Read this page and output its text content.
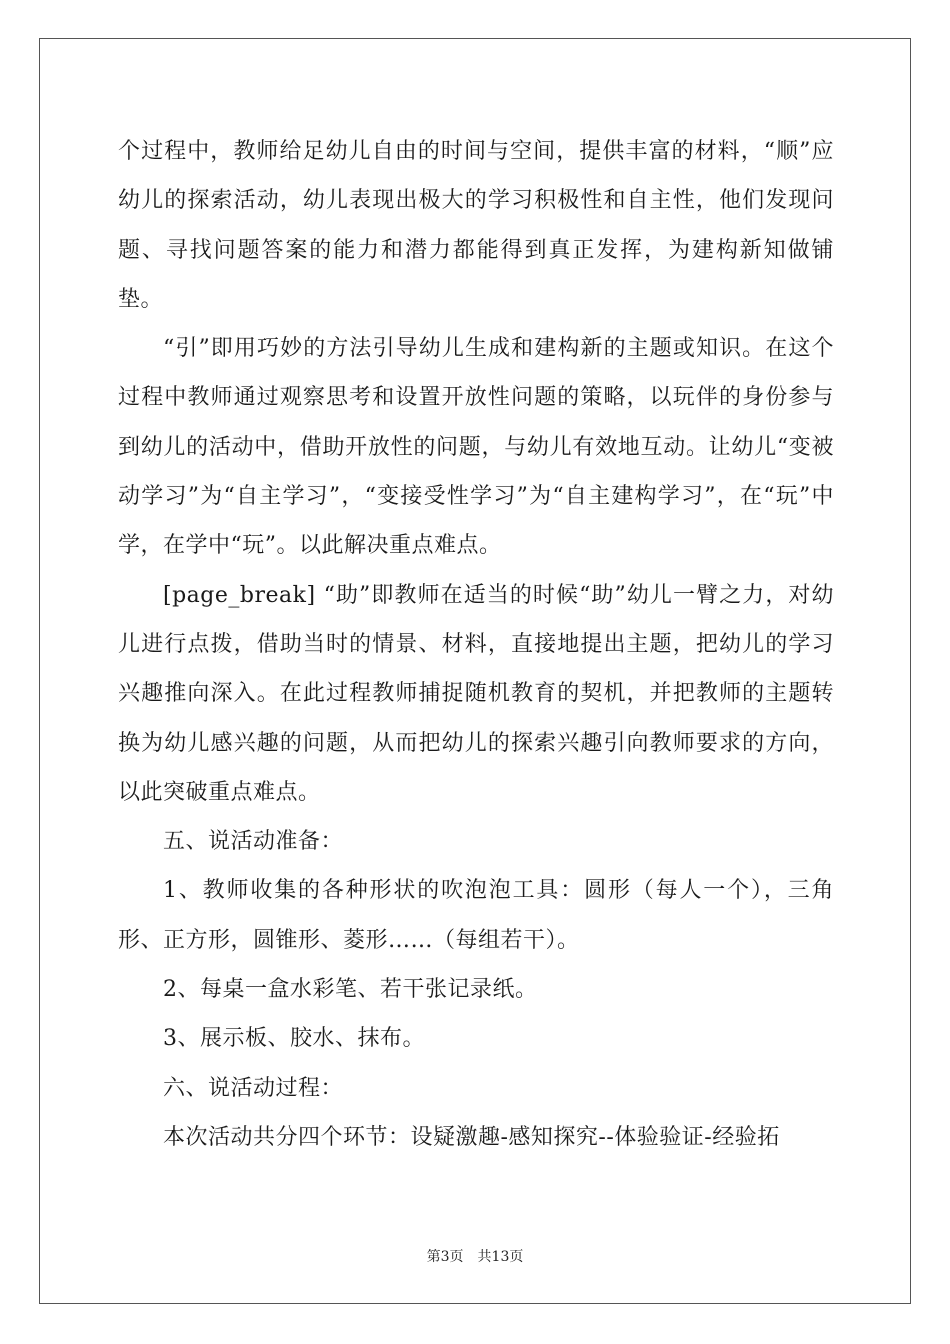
个过程中，教师给足幼儿自由的时间与空间，提供丰富的材料，“顺”应幼儿的探索活动，幼儿表现出极大的学习积极性和自主性，他们发现问题、寻找问题答案的能力和潜力都能得到真正发挥，为建构新知做铺垫。

“引”即用巧妙的方法引导幼儿生成和建构新的主题或知识。在这个过程中教师通过观察思考和设置开放性问题的策略，以玩伴的身份参与到幼儿的活动中，借助开放性的问题，与幼儿有效地互动。让幼儿“变被动学习”为“自主学习”，“变接受性学习”为“自主建构学习”，在“玩”中学，在学中“玩”。以此解决重点难点。

[page_break] “助”即教师在适当的时候“助”幼儿一臂之力，对幼儿进行点拨，借助当时的情景、材料，直接地提出主题，把幼儿的学习兴趣推向深入。在此过程教师捕捉随机教育的契机，并把教师的主题转换为幼儿感兴趣的问题，从而把幼儿的探索兴趣引向教师要求的方向，以此突破重点难点。

五、说活动准备：

1、教师收集的各种形状的吹泡泡工具：圆形（每人一个），三角形、正方形，圆锥形、菱形……（每组若干）。

2、每桌一盒水彩笔、若干张记录纸。

3、展示板、胶水、抹布。

六、说活动过程：

本次活动共分四个环节：设疑激趣-感知探究--体验验证-经验拓

第3页　共13页
